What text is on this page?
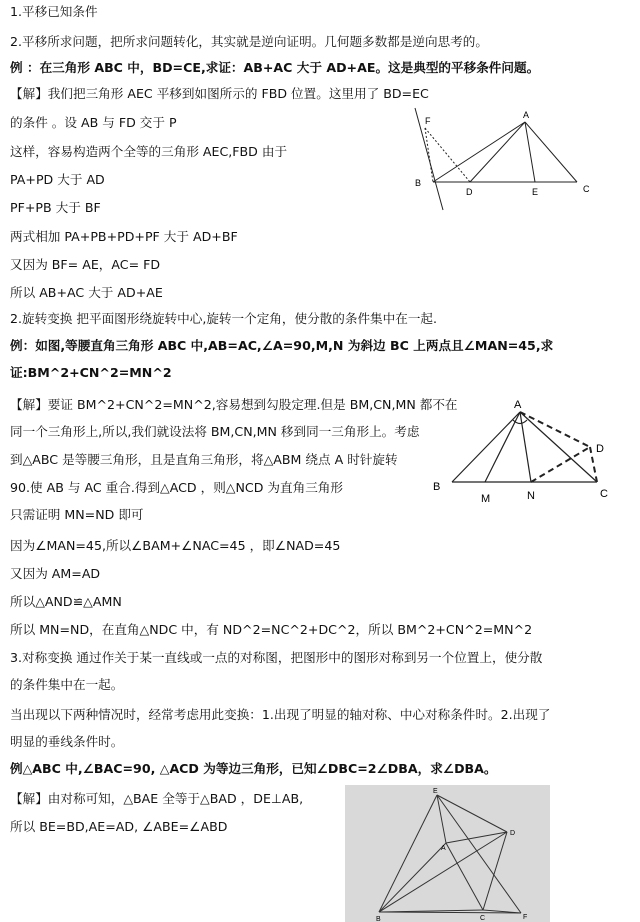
1.平移已知条件
2.平移所求问题，把所求问题转化，其实就是逆向证明。几何题多数都是逆向思考的。
例 ：在三角形 ABC 中，BD=CE,求证：AB+AC 大于 AD+AE。这是典型的平移条件问题。
【解】我们把三角形 AEC 平移到如图所示的 FBD 位置。这里用了 BD=EC
的条件 。设 AB 与 FD 交于 P
这样，容易构造两个全等的三角形 AEC,FBD 由于
PA+PD 大于 AD
PF+PB 大于 BF
两式相加 PA+PB+PD+PF 大于 AD+BF
又因为 BF= AE，AC= FD
所以 AB+AC 大于 AD+AE
2.旋转变换 把平面图形绕旋转中心,旋转一个定角，使分散的条件集中在一起.
例：如图,等腰直角三角形 ABC 中,AB=AC,∠A=90,M,N 为斜边 BC 上两点且∠MAN=45,求
证:BM^2+CN^2=MN^2
【解】要证 BM^2+CN^2=MN^2,容易想到勾股定理.但是 BM,CN,MN 都不在
同一个三角形上,所以,我们就设法将 BM,CN,MN 移到同一三角形上。考虑
到△ABC 是等腰三角形，且是直角三角形，将△ABM 绕点 A 时针旋转
90.使 AB 与 AC 重合.得到△ACD ，则△NCD 为直角三角形
只需证明 MN=ND 即可
因为∠MAN=45,所以∠BAM+∠NAC=45 ，即∠NAD=45
又因为 AM=AD
所以△AND≌△AMN
所以 MN=ND，在直角△NDC 中，有 ND^2=NC^2+DC^2，所以 BM^2+CN^2=MN^2
3.对称变换 通过作关于某一直线或一点的对称图，把图形中的图形对称到另一个位置上，使分散
的条件集中在一起。
当出现以下两种情况时，经常考虑用此变换：1.出现了明显的轴对称、中心对称条件时。2.出现了
明显的垂线条件时。
例△ABC 中,∠BAC=90, △ACD 为等边三角形，已知∠DBC=2∠DBA，求∠DBA。
【解】由对称可知，△BAE 全等于△BAD ，DE⊥AB,
所以 BE=BD,AE=AD, ∠ABE=∠ABD
F
A
B
D	E	C
A
D
B
M	N	C
E
D
A
B	C	F
